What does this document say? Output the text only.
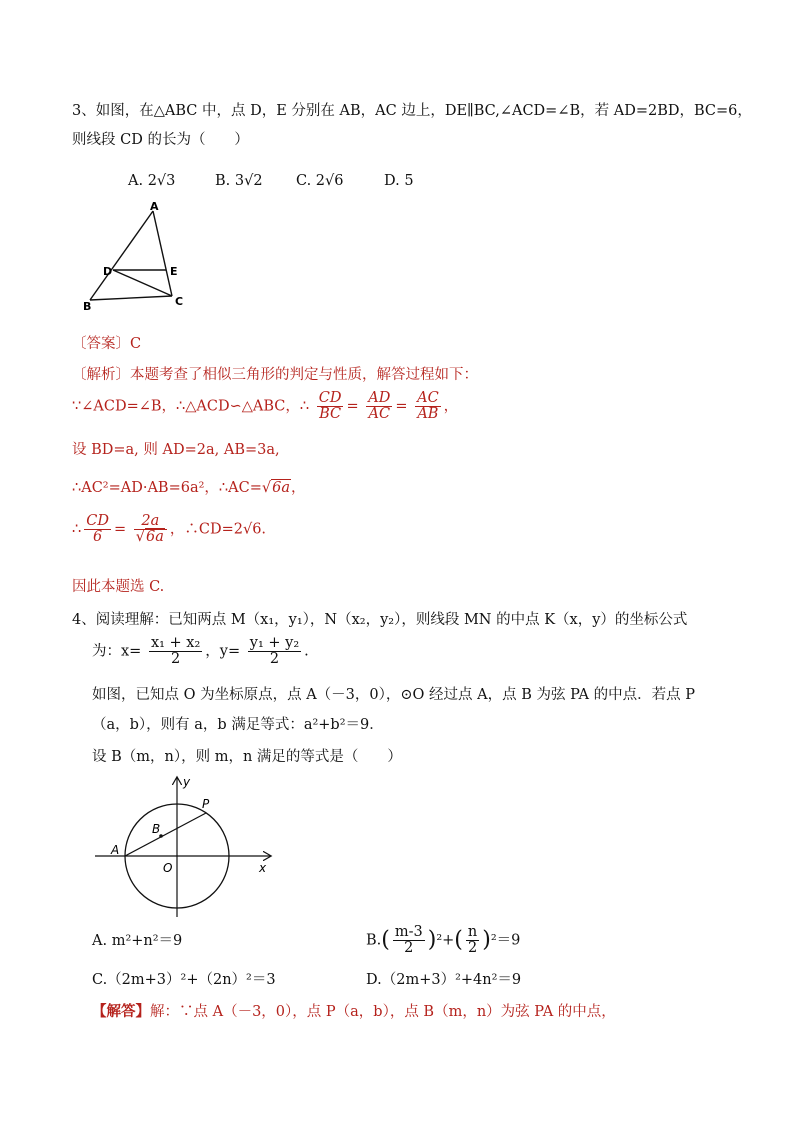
3、如图，在△ABC 中，点 D，E 分别在 AB，AC 边上，DE∥BC,∠ACD=∠B，若 AD=2BD，BC=6，
则线段 CD 的长为（　　）
A. 2√3	B. 3√2 C. 2√6	D. 5
A
D	E
B	C
〔答案〕C
〔解析〕本题考查了相似三角形的判定与性质，解答过程如下：
∵∠ACD=∠B，∴△ACD∽△ABC，∴ $\frac{CD}{BC} = \frac{AD}{AC} = \frac{AC}{AB}$ ，
设 BD=a, 则 AD=2a, AB=3a,
∴AC²=AD·AB=6a²，∴AC=√6a，
∴ $\frac{CD}{6} = \frac{2a}{√6a}$ ，∴CD=2√6.
因此本题选 C.
4、阅读理解：已知两点 M（x₁，y₁），N（x₂，y₂），则线段 MN 的中点 K（x，y）的坐标公式
为：$x= \frac{\text{x₁ + x₂}}{2}$ ，$y= \frac{\text{y₁ + y₂}}{2}$ .
如图，已知点 O 为坐标原点，点 A（－3，0），⊙O 经过点 A，点 B 为弦 PA 的中点．若点 P
（a，b），则有 a，b 满足等式：a²+b²＝9．
设 B（m，n），则 m，n 满足的等式是（　　）
y
x
O
A
B
P
A. m²+n²＝9	$B.( \frac{m-3}{2} )^2+( \frac{n}{2} )^2=9$
C.（2m+3）²+（2n）²＝3	D.（2m+3）²+4n²＝9
【解答】解：∵点 A（－3，0），点 P（a，b），点 B（m，n）为弦 PA 的中点，
